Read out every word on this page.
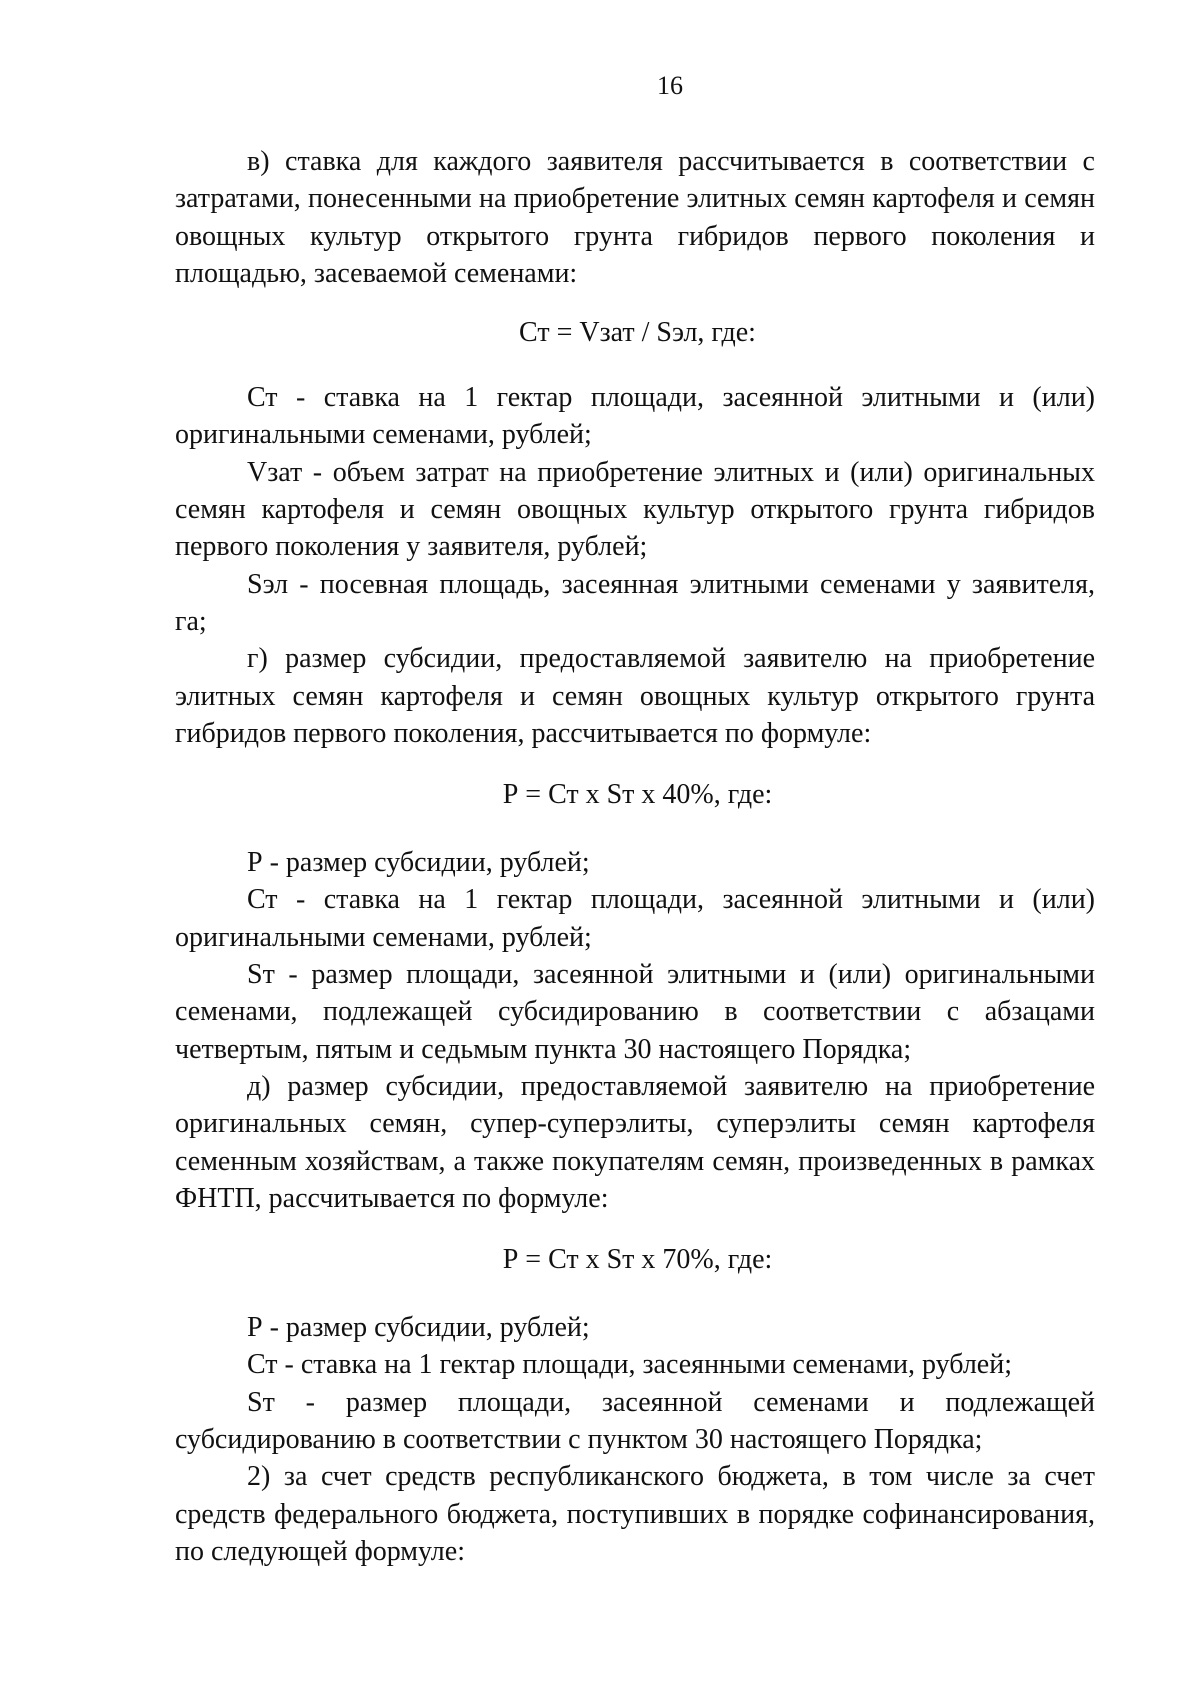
16

в) ставка для каждого заявителя рассчитывается в соответствии с затратами, понесенными на приобретение элитных семян картофеля и семян овощных культур открытого грунта гибридов первого поколения и площадью, засеваемой семенами:

Ст = Vзат / Sэл, где:

Ст - ставка на 1 гектар площади, засеянной элитными и (или) оригинальными семенами, рублей;

Vзат - объем затрат на приобретение элитных и (или) оригинальных семян картофеля и семян овощных культур открытого грунта гибридов первого поколения у заявителя, рублей;

Sэл - посевная площадь, засеянная элитными семенами у заявителя,

га;

г) размер субсидии, предоставляемой заявителю на приобретение элитных семян картофеля и семян овощных культур открытого грунта гибридов первого поколения, рассчитывается по формуле:

Р = Ст х Sт х 40%, где:

Р - размер субсидии, рублей;

Ст - ставка на 1 гектар площади, засеянной элитными и (или) оригинальными семенами, рублей;

Sт - размер площади, засеянной элитными и (или) оригинальными семенами, подлежащей субсидированию в соответствии с абзацами четвертым, пятым и седьмым пункта 30 настоящего Порядка;

д) размер субсидии, предоставляемой заявителю на приобретение оригинальных семян, супер-суперэлиты, суперэлиты семян картофеля семенным хозяйствам, а также покупателям семян, произведенных в рамках ФНТП, рассчитывается по формуле:

Р = Ст х Sт х 70%, где:

Р - размер субсидии, рублей;

Ст - ставка на 1 гектар площади, засеянными семенами, рублей;

Sт - размер площади, засеянной семенами и подлежащей субсидированию в соответствии с пунктом 30 настоящего Порядка;

2) за счет средств республиканского бюджета, в том числе за счет средств федерального бюджета, поступивших в порядке софинансирования, по следующей формуле:
